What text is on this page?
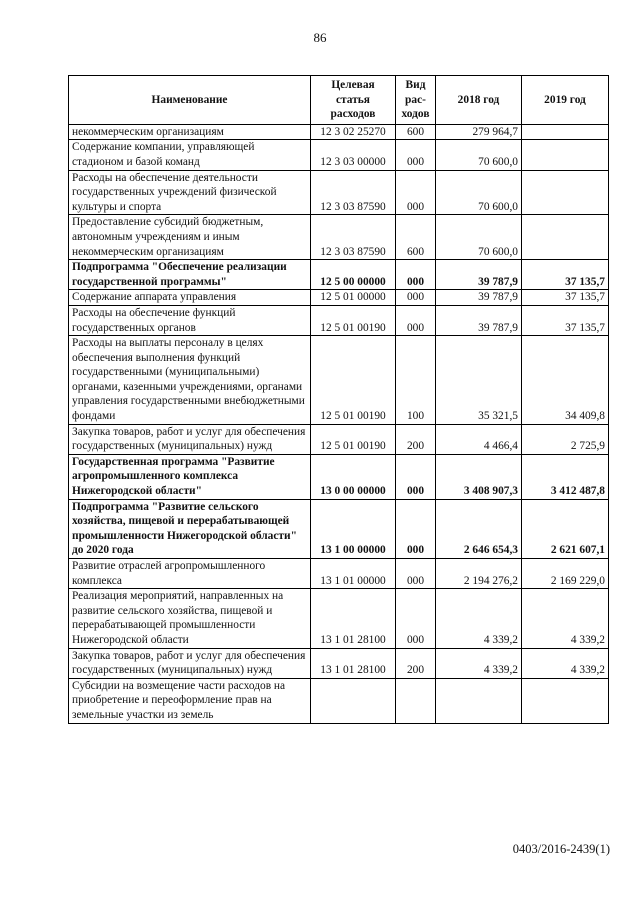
86
Наименование	Целевая статья расходов	Вид рас-ходов	2018 год	2019 год
некоммерческим организациям	12 3 02 25270	600	279 964,7	
Содержание компании, управляющей стадионом и базой команд	12 3 03 00000	000	70 600,0	
Расходы на обеспечение деятельности государственных учреждений физической культуры и спорта	12 3 03 87590	000	70 600,0	
Предоставление субсидий бюджетным, автономным учреждениям и иным некоммерческим организациям	12 3 03 87590	600	70 600,0	
Подпрограмма "Обеспечение реализации государственной программы"	12 5 00 00000	000	39 787,9	37 135,7
Содержание аппарата управления	12 5 01 00000	000	39 787,9	37 135,7
Расходы на обеспечение функций государственных органов	12 5 01 00190	000	39 787,9	37 135,7
Расходы на выплаты персоналу в целях обеспечения выполнения функций государственными (муниципальными) органами, казенными учреждениями, органами управления государственными внебюджетными фондами	12 5 01 00190	100	35 321,5	34 409,8
Закупка товаров, работ и услуг для обеспечения государственных (муниципальных) нужд	12 5 01 00190	200	4 466,4	2 725,9
Государственная программа "Развитие агропромышленного комплекса Нижегородской области"	13 0 00 00000	000	3 408 907,3	3 412 487,8
Подпрограмма "Развитие сельского хозяйства, пищевой и перерабатывающей промышленности Нижегородской области" до 2020 года	13 1 00 00000	000	2 646 654,3	2 621 607,1
Развитие отраслей агропромышленного комплекса	13 1 01 00000	000	2 194 276,2	2 169 229,0
Реализация мероприятий, направленных на развитие сельского хозяйства, пищевой и перерабатывающей промышленности Нижегородской области	13 1 01 28100	000	4 339,2	4 339,2
Закупка товаров, работ и услуг для обеспечения государственных (муниципальных) нужд	13 1 01 28100	200	4 339,2	4 339,2
Субсидии на возмещение части расходов на приобретение и переоформление прав на земельные участки из земель				
0403/2016-2439(1)
